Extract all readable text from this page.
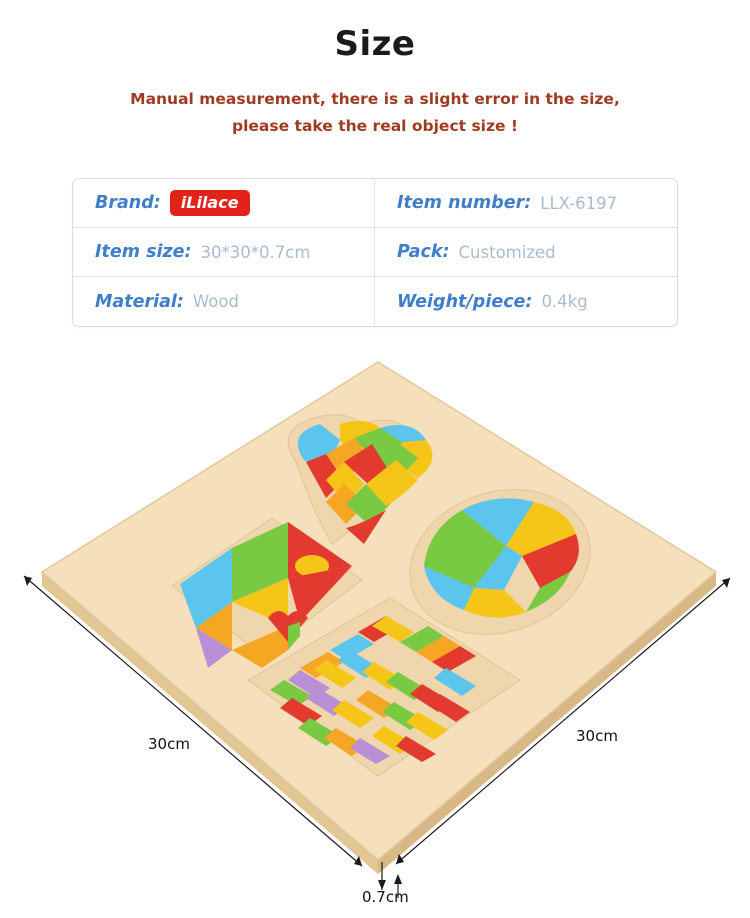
Size
Manual measurement, there is a slight error in the size,
please take the real object size !
Brand:	iLilace	Item number: LLX-6197
Item size: 30*30*0.7cm	Pack: Customized
Material: Wood	Weight/piece: 0.4kg
30cm	30cm
0.7cm
